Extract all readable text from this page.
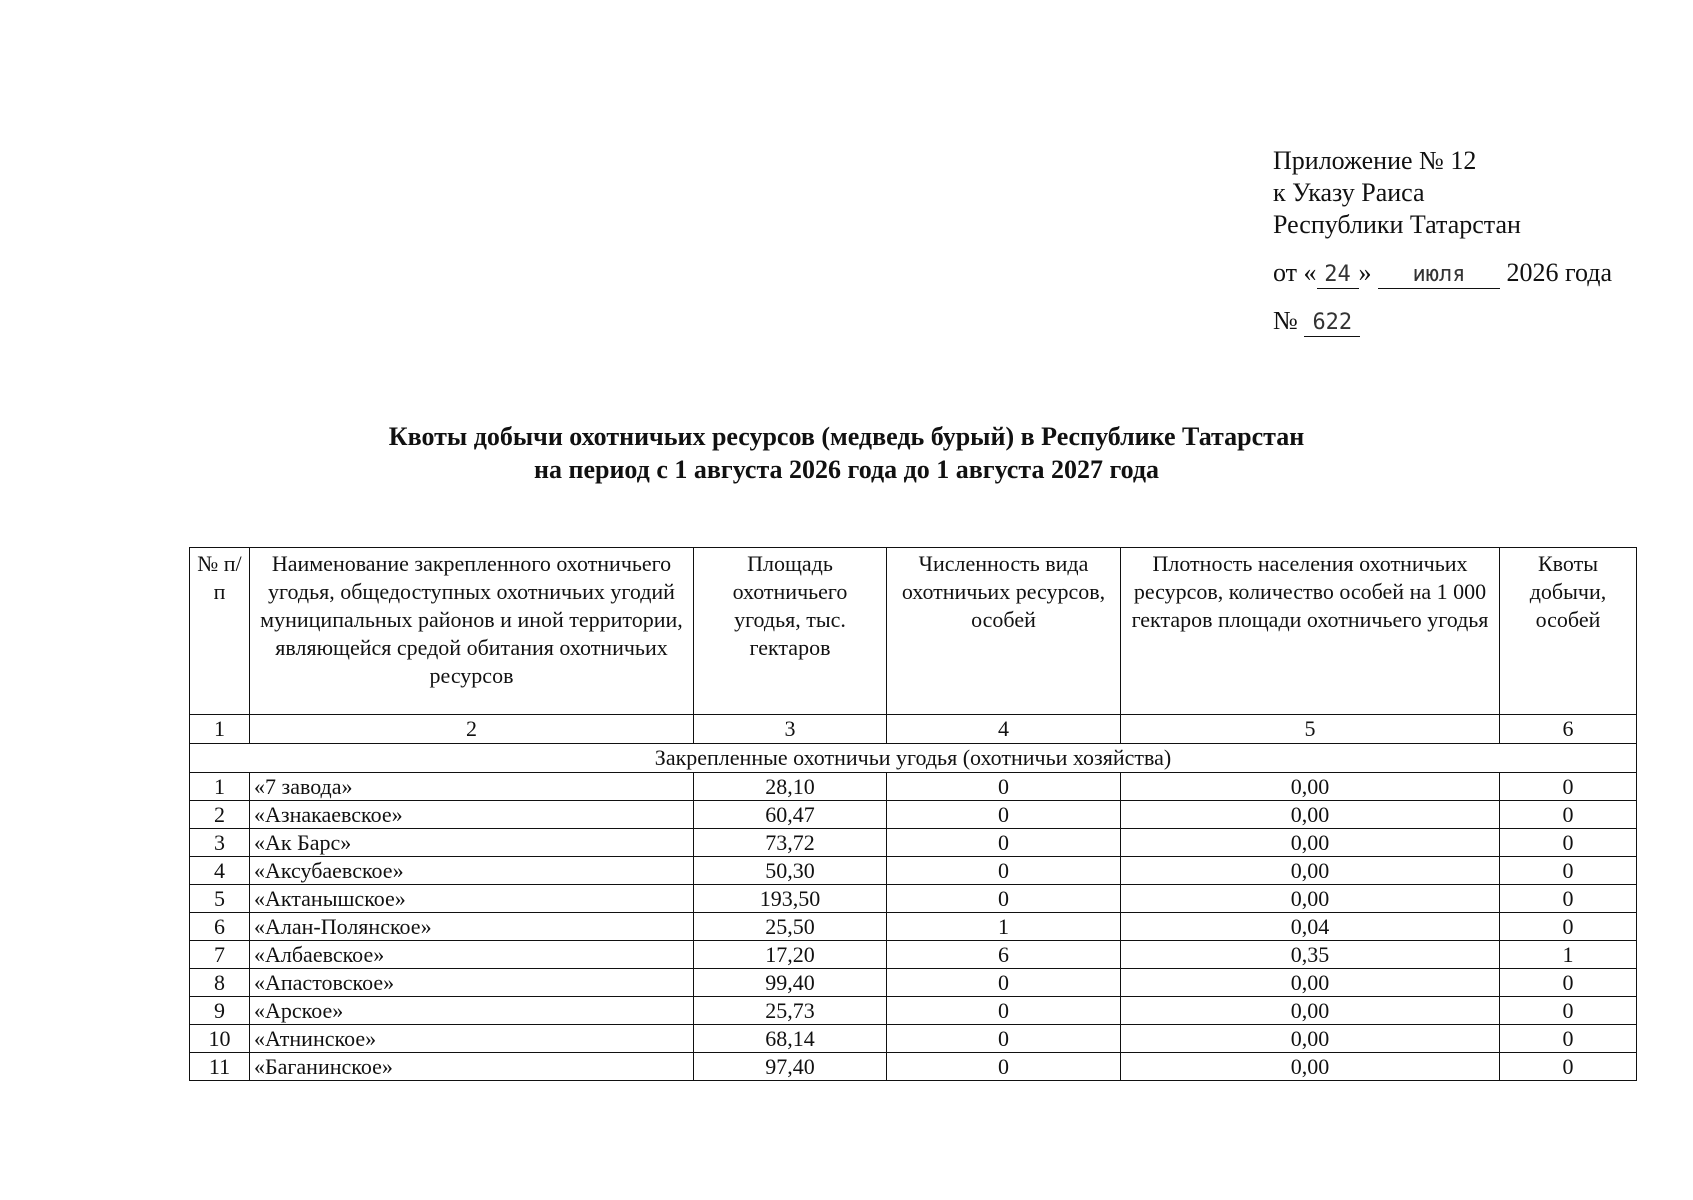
Приложение № 12
к Указу Раиса
Республики Татарстан
от « 24 » июля 2026 года
№ 622
Квоты добычи охотничьих ресурсов (медведь бурый) в Республике Татарстан
на период с 1 августа 2026 года до 1 августа 2027 года
№ п/п	Наименование закрепленного охотничьего угодья, общедоступных охотничьих угодий муниципальных районов и иной территории, являющейся средой обитания охотничьих ресурсов	Площадь охотничьего угодья, тыс. гектаров	Численность вида охотничьих ресурсов, особей	Плотность населения охотничьих ресурсов, количество особей на 1 000 гектаров площади охотничьего угодья	Квоты добычи, особей
1	2	3	4	5	6
Закрепленные охотничьи угодья (охотничьи хозяйства)					
1	«7 завода»	28,10	0	0,00	0
2	«Азнакаевское»	60,47	0	0,00	0
3	«Ак Барс»	73,72	0	0,00	0
4	«Аксубаевское»	50,30	0	0,00	0
5	«Актанышское»	193,50	0	0,00	0
6	«Алан-Полянское»	25,50	1	0,04	0
7	«Албаевское»	17,20	6	0,35	1
8	«Апастовское»	99,40	0	0,00	0
9	«Арское»	25,73	0	0,00	0
10	«Атнинское»	68,14	0	0,00	0
11	«Баганинское»	97,40	0	0,00	0
